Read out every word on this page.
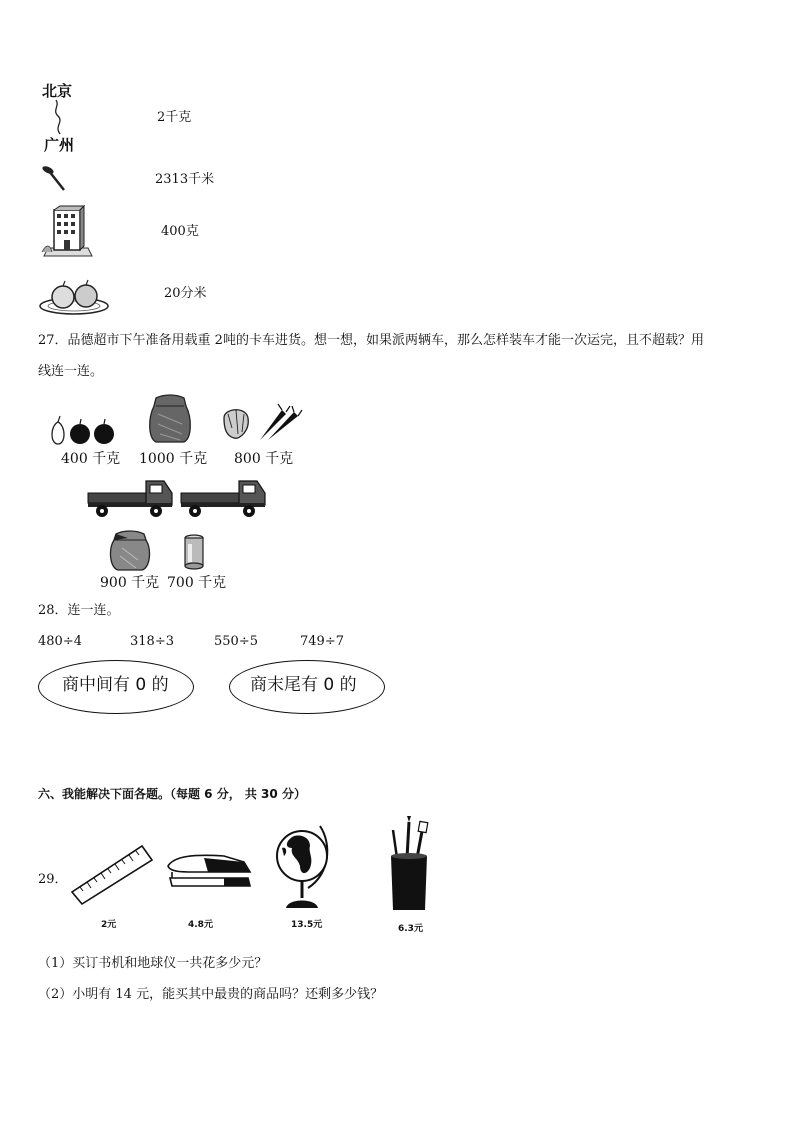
北京
广州
2千克
2313千米
400克
20分米
27．品德超市下午准备用载重 2吨的卡车进货。想一想，如果派两辆车，那么怎样装车才能一次运完，且不超载？用
线连一连。
400 千克 1000 千克 800 千克
900 千克 700 千克
28．连一连。
480÷4	318÷3	550÷5	749÷7
商中间有 0 的	商末尾有 0 的
六、我能解决下面各题。（每题 6 分， 共 30 分）
29．
2元	4.8元	13.5元	6.3元
（1）买订书机和地球仪一共花多少元？
（2）小明有 14 元，能买其中最贵的商品吗？还剩多少钱？
